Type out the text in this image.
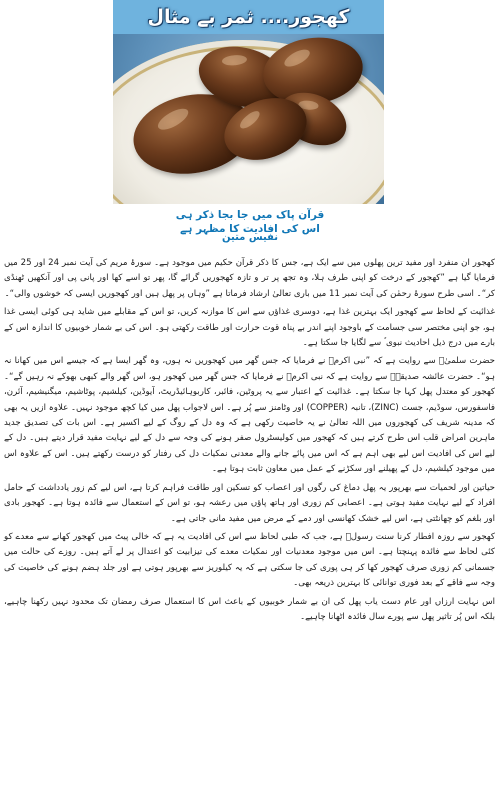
کھجور.... ثمر بے مثال
قرآن پاک میں جا بجا ذکر ہی اس کی افادیت کا مظہر ہے
نفیس متین

کھجور ان منفرد اور مفید ترین پھلوں میں سے ایک ہے، جس کا ذکر قرآن حکیم میں موجود ہے۔ سورۂ مریم کی آیت نمبر 24 اور 25 میں فرمایا گیا ہے ”کھجور کے درخت کو اپنی طرف ہلا، وہ تجھ پر تر و تازہ کھجوریں گرائے گا، پھر تو اسے کھا اور پانی پی اور آنکھیں ٹھنڈی کر“۔ اسی طرح سورۂ رحمٰن کی آیت نمبر 11 میں باری تعالیٰ ارشاد فرماتا ہے ”وہاں پر پھل ہیں اور کھجوریں ایسی کہ خوشوں والی“۔

غذائیت کے لحاظ سے کھجور ایک بہترین غذا ہے، دوسری غذاؤں سے اس کا موازنہ کریں، تو اس کے مقابلے میں شاید ہی کوئی ایسی غذا ہو، جو اپنی مختصر سی جسامت کے باوجود اپنے اندر بے پناہ قوت حرارت اور طاقت رکھتی ہو۔ اس کی بے شمار خوبیوں کا اندازہ اس کے بارے میں درج ذیل احادیث نبوی ؐ سے لگایا جا سکتا ہے۔

حضرت سلمیٰؓ سے روایت ہے کہ ”نبی اکرمؐ نے فرمایا کہ جس گھر میں کھجوریں نہ ہوں، وہ گھر ایسا ہے کہ جیسے اس میں کھانا نہ ہو“۔ حضرت عائشہ صدیقہؓ سے روایت ہے کہ نبی اکرمؐ نے فرمایا کہ جس گھر میں کھجور ہو، اس گھر والے کبھی بھوکے نہ رہیں گے“۔ کھجور کو معتدل پھل کہا جا سکتا ہے۔ غذائیت کے اعتبار سے یہ پروٹین، فائبر، کاربوہائیڈریٹ، آیوڈین، کیلشیم، پوٹاشیم، میگنیشیم، آئرن، فاسفورس، سوڈیم، جست (ZINC)، تانبہ (COPPER) اور وٹامنز سے پُر ہے۔ اس لاجواب پھل میں کیا کچھ موجود نہیں۔ علاوہ ازیں یہ بھی کہ مدینہ شریف کی کھجوروں میں اللہ تعالیٰ نے یہ خاصیت رکھی ہے کہ وہ دل کے روگ کے لیے اکسیر ہے۔ اس بات کی تصدیق جدید ماہرین امراض قلب اس طرح کرتے ہیں کہ کھجور میں کولیسٹرول صفر ہونے کی وجہ سے دل کے لیے نہایت مفید قرار دیتے ہیں۔ دل کے لیے اس کی افادیت اس لیے بھی اہم ہے کہ اس میں پائے جانے والے معدنی نمکیات دل کی رفتار کو درست رکھتے ہیں۔ اس کے علاوہ اس میں موجود کیلشیم، دل کے پھیلنے اور سکڑنے کے عمل میں معاون ثابت ہوتا ہے۔

حیاتین اور لحمیات سے بھرپور یہ پھل دماغ کی رگوں اور اعصاب کو تسکین اور طاقت فراہم کرتا ہے، اس لیے کم زور یادداشت کے حامل افراد کے لیے نہایت مفید ہوتی ہے۔ اعصابی کم زوری اور ہاتھ پاؤں میں رعشہ ہو، تو اس کے استعمال سے فائدہ ہوتا ہے۔ کھجور بادی اور بلغم کو چھانٹتی ہے، اس لیے خشک کھانسی اور دمے کے مرض میں مفید مانی جاتی ہے۔

کھجور سے روزہ افطار کرنا سنت رسولؐ ہے، جب کہ طبی لحاظ سے اس کی افادیت یہ ہے کہ خالی پیٹ میں کھجور کھانے سے معدے کو کئی لحاظ سے فائدہ پہنچتا ہے۔ اس میں موجود معدنیات اور نمکیات معدے کی تیزابیت کو اعتدال پر لے آتے ہیں۔ روزے کی حالت میں جسمانی کم زوری صرف کھجور کھا کر ہی پوری کی جا سکتی ہے کہ یہ کیلوریز سے بھرپور ہوتی ہے اور جلد ہضم ہونے کی خاصیت کی وجہ سے فاقے کے بعد فوری توانائی کا بہترین ذریعہ بھی۔

اس نہایت ارزاں اور عام دست یاب پھل کی ان بے شمار خوبیوں کے باعث اس کا استعمال صرف رمضان تک محدود نہیں رکھنا چاہیے، بلکہ اس پُر تاثیر پھل سے پورے سال فائدہ اٹھانا چاہیے۔
